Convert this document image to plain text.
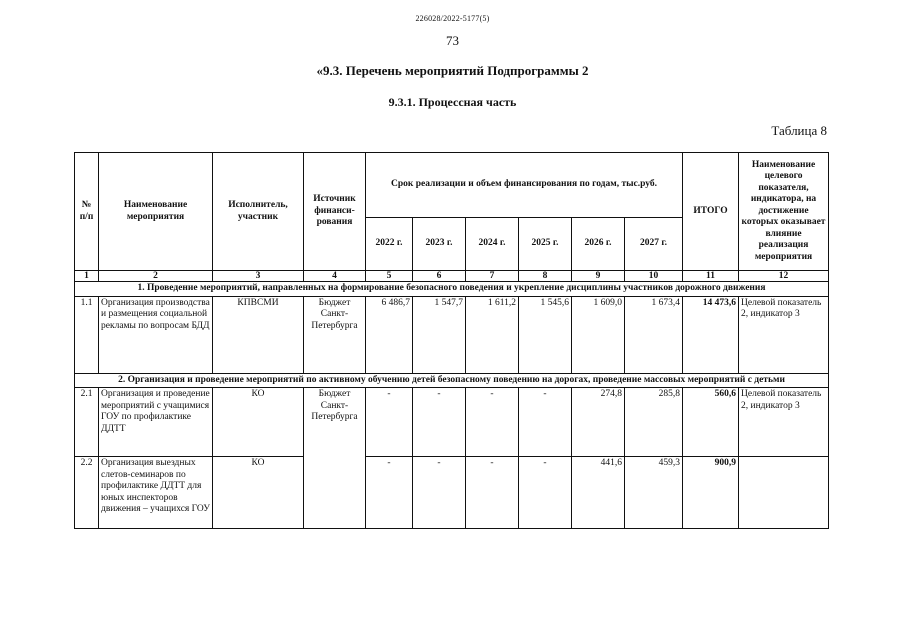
226028/2022-5177(5)
73
«9.3. Перечень мероприятий Подпрограммы 2
9.3.1. Процессная часть
Таблица 8
№ п/п	Наименование мероприятия	Исполнитель, участник	Источник финанси-рования	Срок реализации и объем финансирования по годам, тыс.руб.						ИТОГО	Наименование целевого показателя, индикатора, на достижение которых оказывает влияние реализация мероприятия
				2022 г.	2023 г.	2024 г.	2025 г.	2026 г.	2027 г.		
1	2	3	4	5	6	7	8	9	10	11	12
1. Проведение мероприятий, направленных на формирование безопасного поведения и укрепление дисциплины участников дорожного движения											
1.1	Организация производства и размещения социальной рекламы по вопросам БДД	КПВСМИ	Бюджет Санкт-Петербурга	6 486,7	1 547,7	1 611,2	1 545,6	1 609,0	1 673,4	14 473,6	Целевой показатель 2, индикатор 3
2. Организация и проведение мероприятий по активному обучению детей безопасному поведению на дорогах, проведение массовых мероприятий с детьми											
2.1	Организация и проведение мероприятий с учащимися ГОУ по профилактике ДДТТ	КО	Бюджет Санкт-Петербурга	-	-	-	-	274,8	285,8	560,6	Целевой показатель 2, индикатор 3
2.2	Организация выездных слетов-семинаров по профилактике ДДТТ для юных инспекторов движения – учащихся ГОУ	КО		-	-	-	-	441,6	459,3	900,9	
